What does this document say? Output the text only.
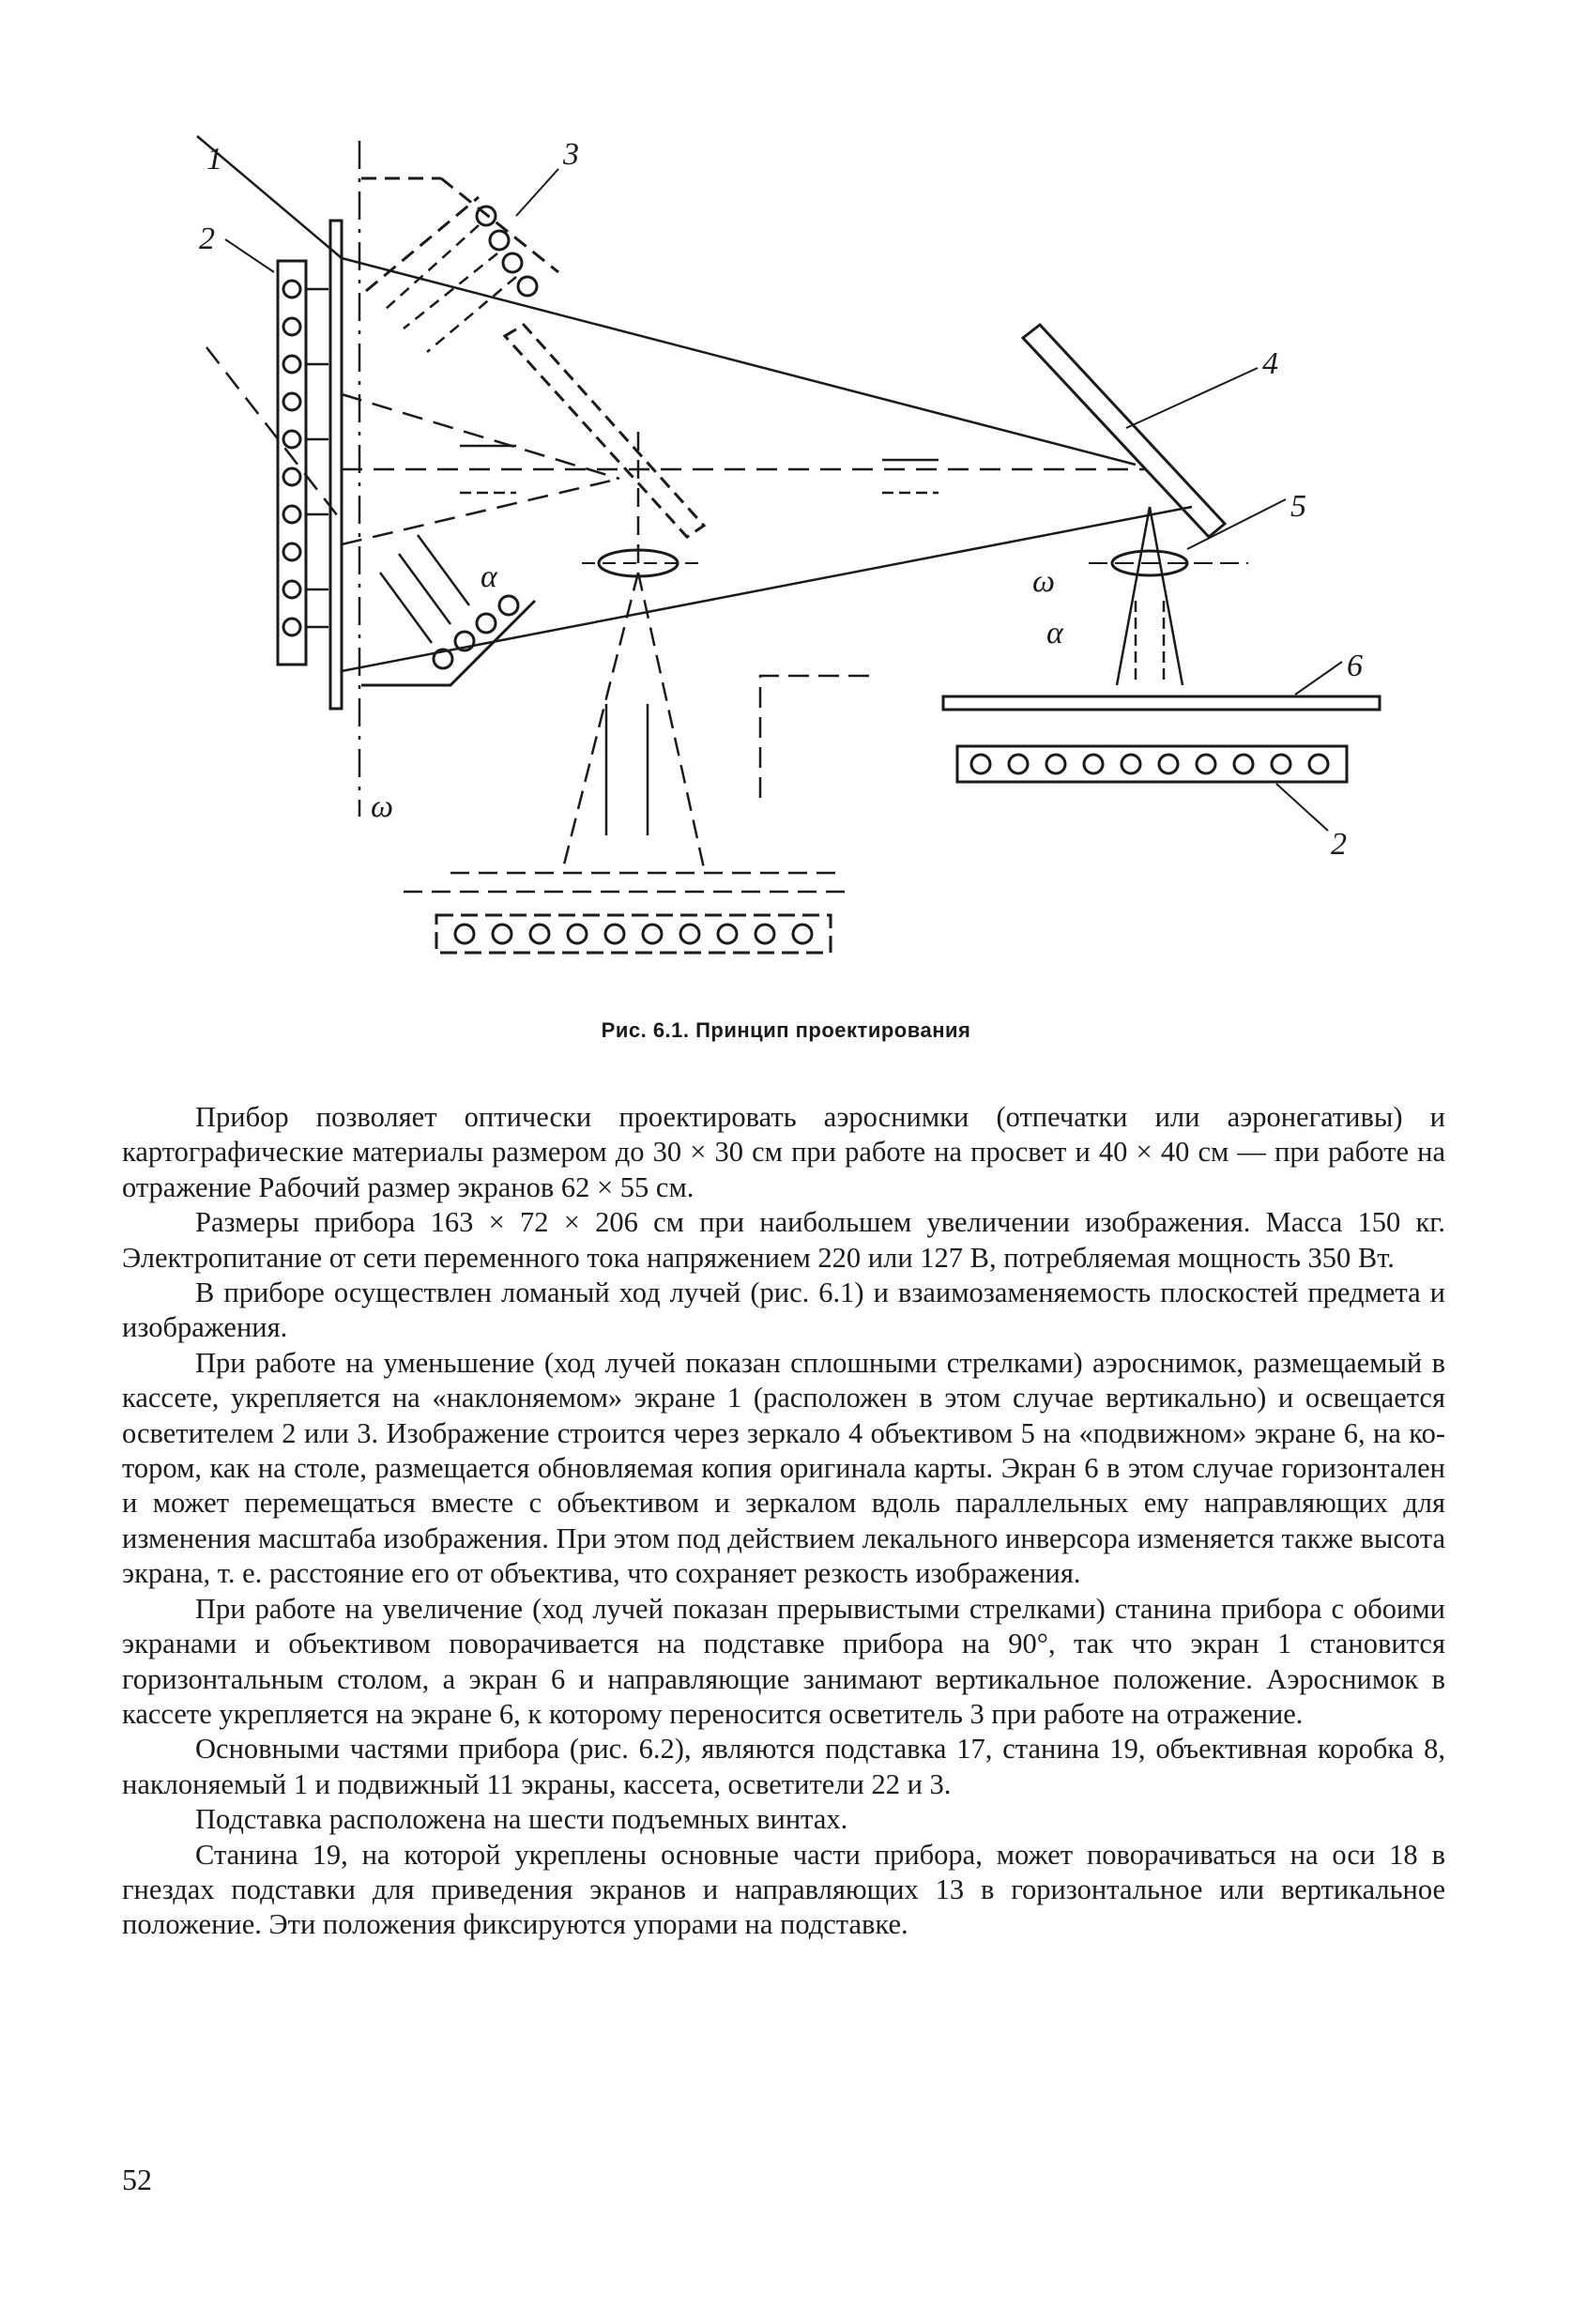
1
2
3
4
5
6
2
α
ω
ω
α
Рис. 6.1. Принцип проектирования

Прибор позволяет оптически проектировать аэроснимки (отпечатки или аэронегативы) и картографические материалы размером до 30 × 30 см при работе на просвет и 40 × 40 см — при работе на отражение Рабочий размер экранов 62 × 55 см.

Размеры прибора 163 × 72 × 206 см при наибольшем увеличении изображения. Масса 150 кг. Электропитание от сети переменного тока напряжением 220 или 127 В, потребляемая мощность 350 Вт.

В приборе осуществлен ломаный ход лучей (рис. 6.1) и взаимозаменяемость плоскостей предмета и изображения.

При работе на уменьшение (ход лучей показан сплошными стрелками) аэроснимок, размещаемый в кассете, укрепляется на «наклоняемом» экране 1 (расположен в этом случае вертикально) и освещается осветителем 2 или 3. Изображение строится через зеркало 4 объективом 5 на «подвижном» экране 6, на котором, как на столе, размещается обновляемая копия оригинала карты. Экран 6 в этом случае горизонтален и может перемещаться вместе с объективом и зеркалом вдоль параллельных ему направляющих для изменения масштаба изображения. При этом под действием лекального инверсора изменяется также высота экрана, т. е. расстояние его от объектива, что сохраняет резкость изображения.

При работе на увеличение (ход лучей показан прерывистыми стрелками) станина прибора с обоими экранами и объективом поворачивается на подставке прибора на 90°, так что экран 1 становится горизонтальным столом, а экран 6 и направляющие занимают вертикальное положение. Аэроснимок в кассете укрепляется на экране 6, к которому переносится осветитель 3 при работе на отражение.

Основными частями прибора (рис. 6.2), являются подставка 17, станина 19, объективная коробка 8, наклоняемый 1 и подвижный 11 экраны, кассета, осветители 22 и 3.

Подставка расположена на шести подъемных винтах.

Станина 19, на которой укреплены основные части прибора, может поворачиваться на оси 18 в гнездах подставки для приведения экранов и направляющих 13 в горизонтальное или вертикальное положение. Эти положения фиксируются упорами на подставке.

52
